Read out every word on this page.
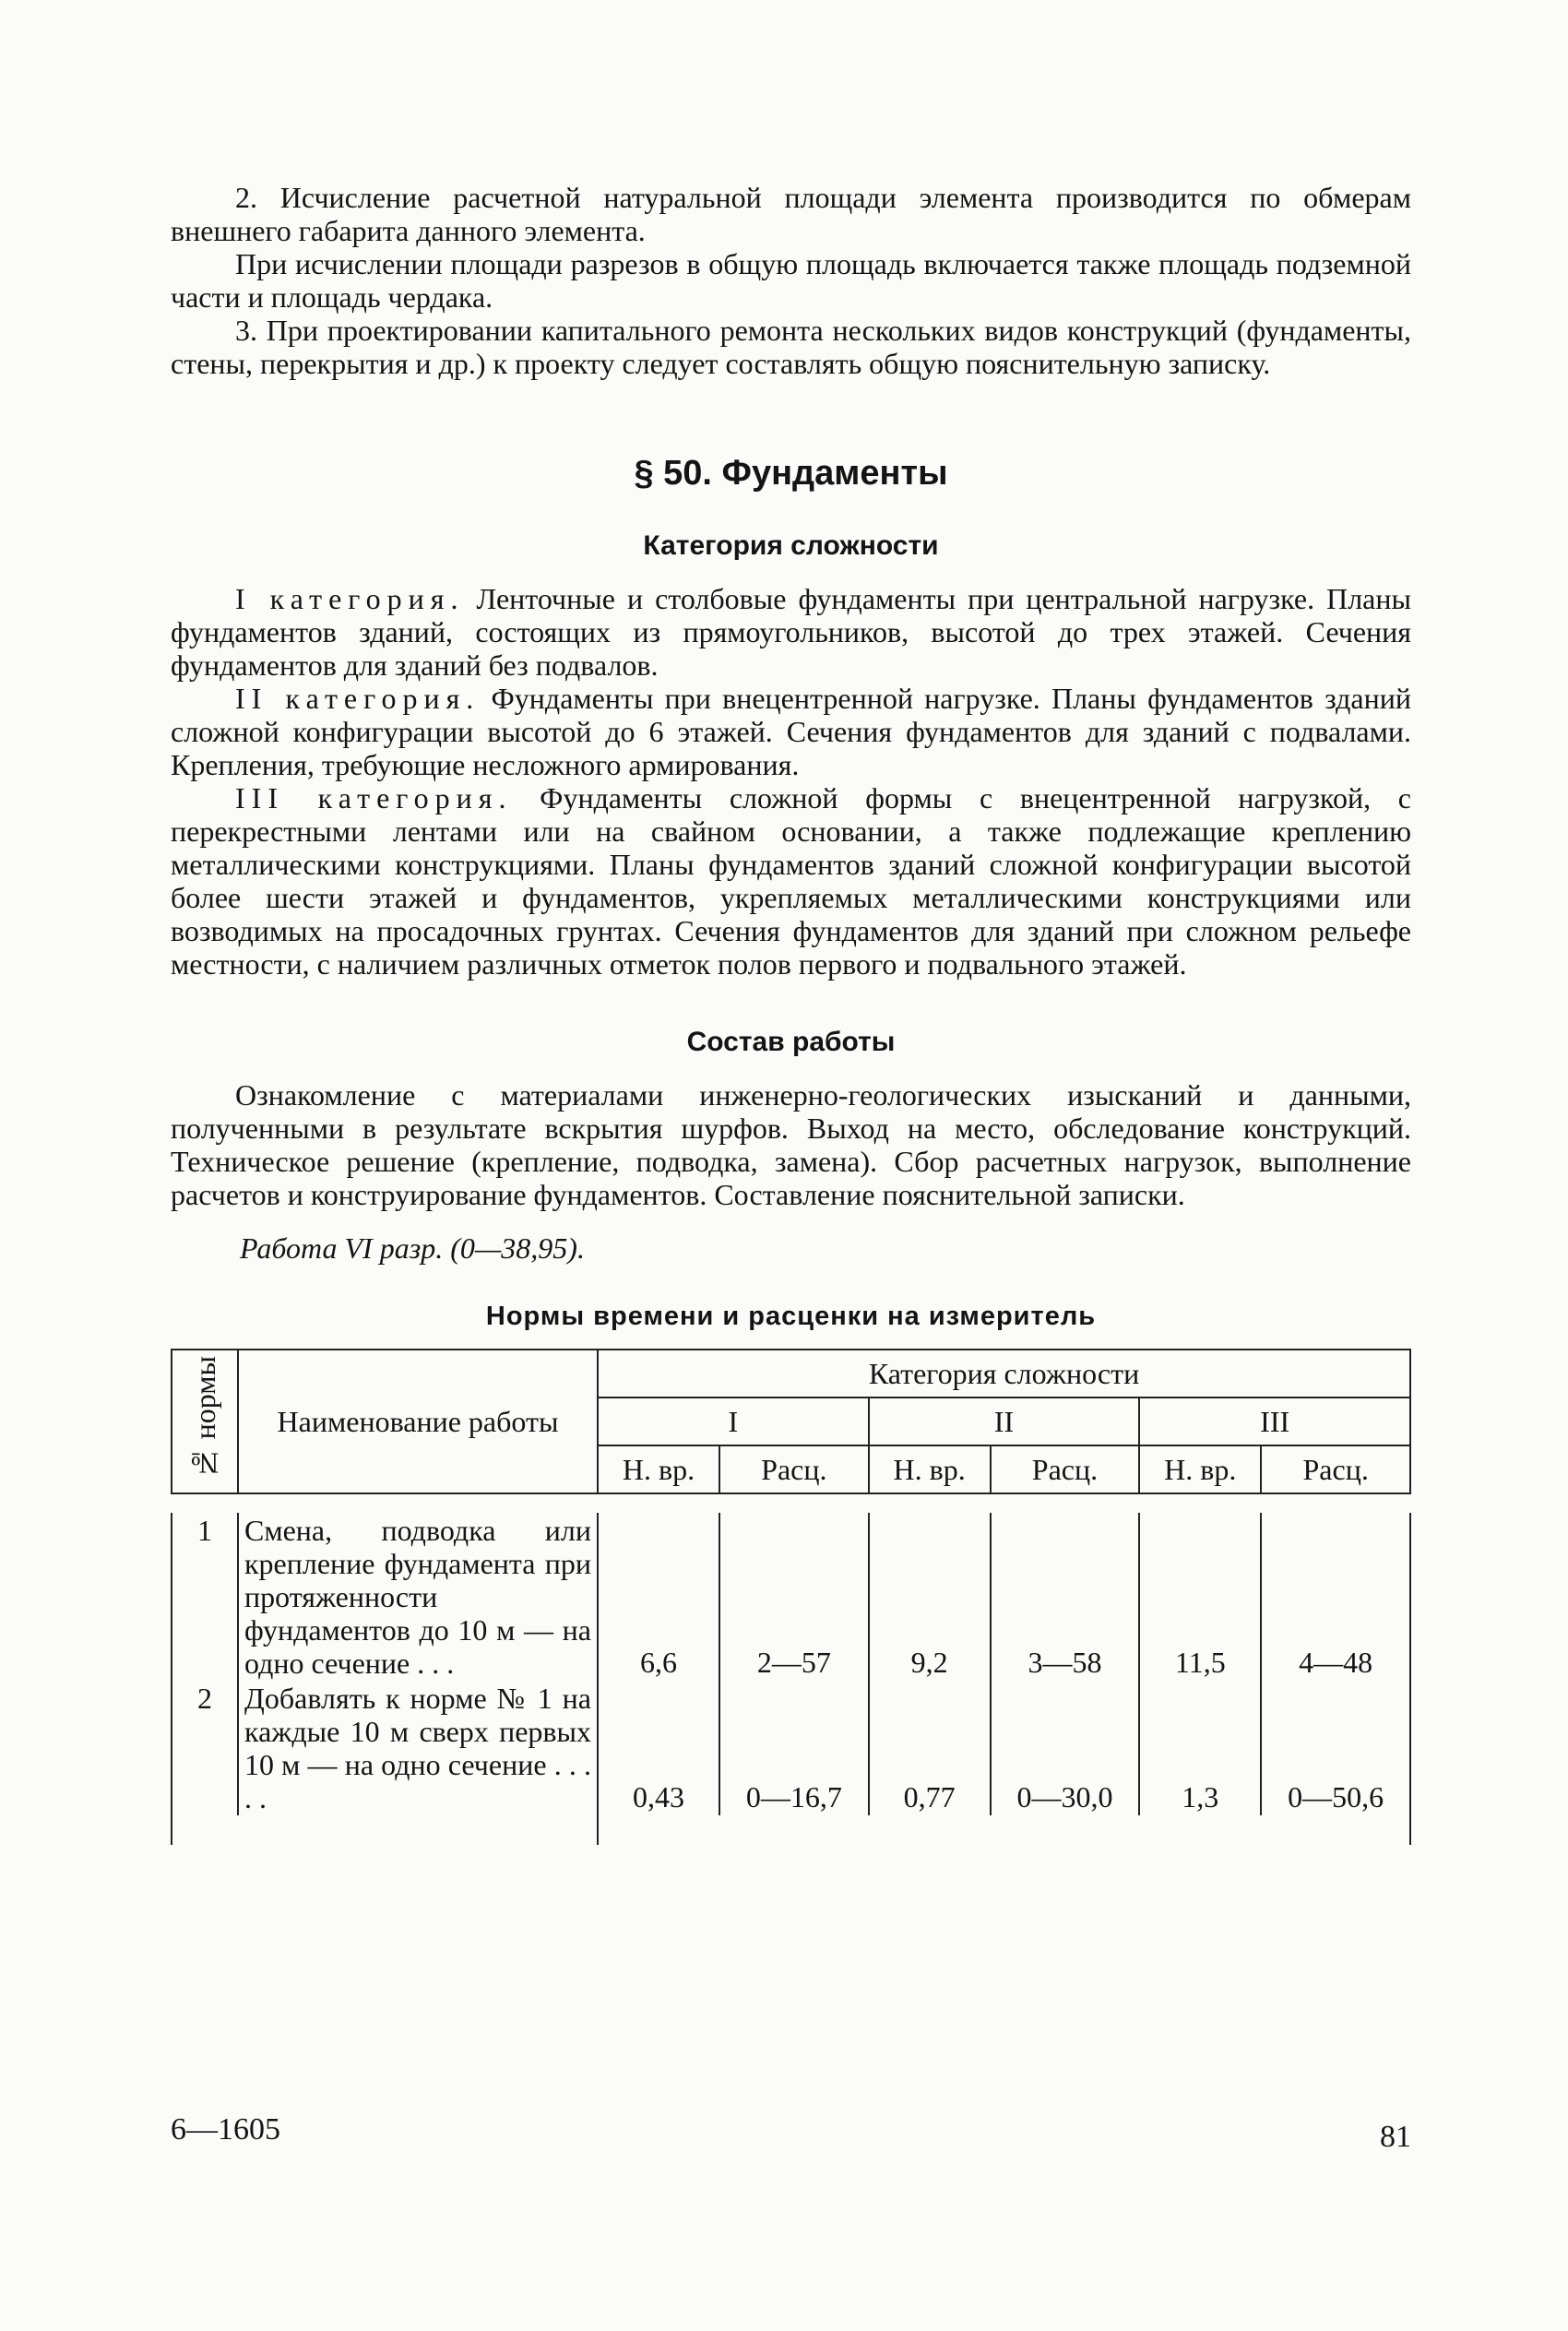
2. Исчисление расчетной натуральной площади элемента производится по обмерам внешнего габарита данного элемента.

При исчислении площади разрезов в общую площадь включается также площадь подземной части и площадь чердака.

3. При проектировании капитального ремонта нескольких видов конструкций (фундаменты, стены, перекрытия и др.) к проекту следует составлять общую пояснительную записку.

§ 50. Фундаменты
Категория сложности

I категория. Ленточные и столбовые фундаменты при центральной нагрузке. Планы фундаментов зданий, состоящих из прямоугольников, высотой до трех этажей. Сечения фундаментов для зданий без подвалов.

II категория. Фундаменты при внецентренной нагрузке. Планы фундаментов зданий сложной конфигурации высотой до 6 этажей. Сечения фундаментов для зданий с подвалами. Крепления, требующие несложного армирования.

III категория. Фундаменты сложной формы с внецентренной нагрузкой, с перекрестными лентами или на свайном основании, а также подлежащие креплению металлическими конструкциями. Планы фундаментов зданий сложной конфигурации высотой более шести этажей и фундаментов, укрепляемых металлическими конструкциями или возводимых на просадочных грунтах. Сечения фундаментов для зданий при сложном рельефе местности, с наличием различных отметок полов первого и подвального этажей.

Состав работы

Ознакомление с материалами инженерно-геологических изысканий и данными, полученными в результате вскрытия шурфов. Выход на место, обследование конструкций. Техническое решение (крепление, подводка, замена). Сбор расчетных нагрузок, выполнение расчетов и конструирование фундаментов. Составление пояснительной записки.

Работа VI разр. (0—38,95).

Нормы времени и расценки на измеритель
№ нормы	Наименование работы	Категория сложности					
		I		II		III	
		Н. вр.	Расц.	Н. вр.	Расц.	Н. вр.	Расц.

1	Смена, подводка или крепление фундамента при протяженности фундаментов до 10 м — на одно сечение . . .	6,6	2—57	9,2	3—58	11,5	4—48
2	Добавлять к норме № 1 на каждые 10 м сверх первых 10 м — на одно сечение . . . . .	0,43	0—16,7	0,77	0—30,0	1,3	0—50,6

6—1605	81
